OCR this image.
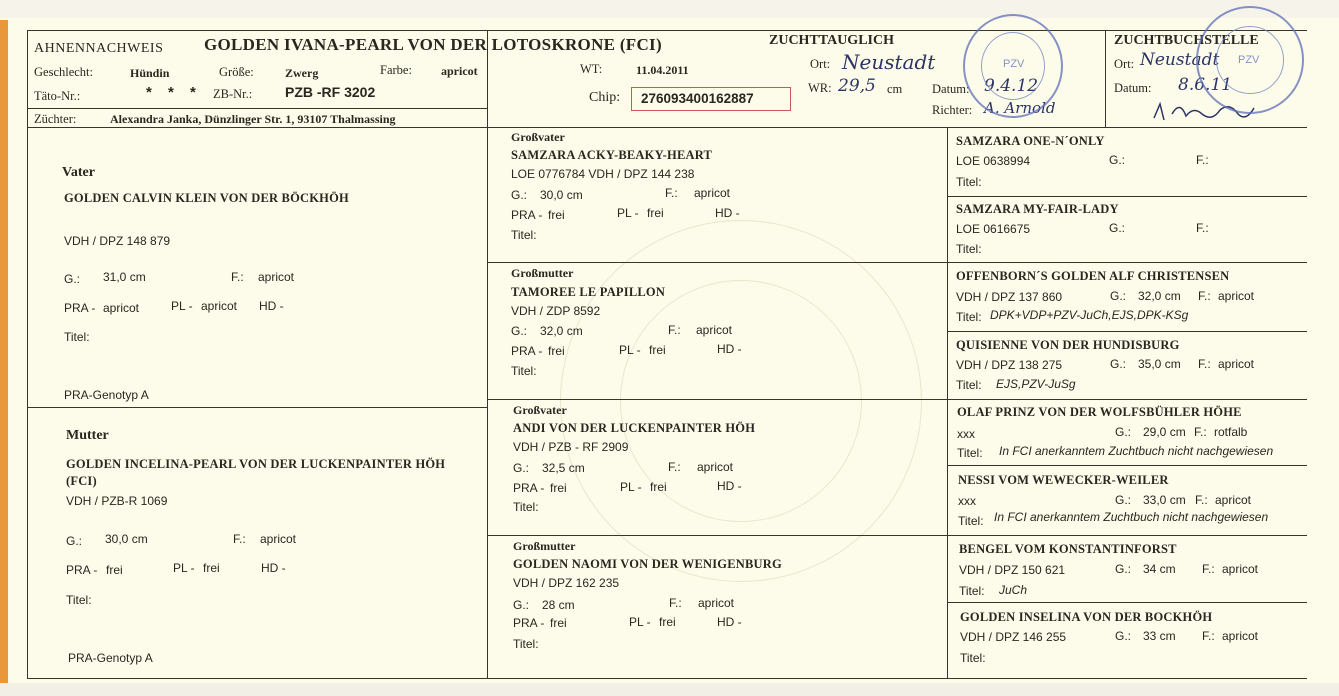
AHNENNACHWEIS GOLDEN IVANA-PEARL VON DER LOTOSKRONE (FCI)
Geschlecht:	Hündin	Größe:	Zwerg	Farbe: apricot
Täto-Nr.:	* * * ZB-Nr.: PZB -RF 3202
Züchter:	Alexandra Janka, Dünzlinger Str. 1, 93107 Thalmassing
WT:	11.04.2011
Chip: 276093400162887
ZUCHTTAUGLICH
Ort: Neustadt
WR: 29,5 cm Datum: 9.4.12
Richter: A. Arnold
ZUCHTBUCHSTELLE
Ort: Neustadt
Datum: 8.6.11
PZV	PZV
Vater
GOLDEN CALVIN KLEIN VON DER BÖCKHÖH
VDH / DPZ 148 879
G.: 31,0 cm	F.: apricot
PRA - apricot	PL - apricot HD -
Titel:
PRA-Genotyp A
Mutter
GOLDEN INCELINA-PEARL VON DER LUCKENPAINTER HÖH
(FCI)
VDH / PZB-R 1069
G.: 30,0 cm	F.: apricot
PRA - frei	PL - frei	HD -
Titel:
PRA-Genotyp A
Großvater
SAMZARA ACKY-BEAKY-HEART
LOE 0776784 VDH / DPZ 144 238
G.: 30,0 cm	F.: apricot
PRA - frei	PL - frei	HD -
Titel:
Großmutter
TAMOREE LE PAPILLON
VDH / ZDP 8592
G.: 32,0 cm	F.: apricot
PRA - frei	PL - frei	HD -
Titel:
Großvater
ANDI VON DER LUCKENPAINTER HÖH
VDH / PZB - RF 2909
G.: 32,5 cm	F.: apricot
PRA - frei	PL - frei	HD -
Titel:
Großmutter
GOLDEN NAOMI VON DER WENIGENBURG
VDH / DPZ 162 235
G.: 28 cm	F.: apricot
PRA - frei	PL - frei	HD -
Titel:
SAMZARA ONE-N´ONLY
LOE 0638994	G.:	F.:
Titel:
SAMZARA MY-FAIR-LADY
LOE 0616675	G.:	F.:
Titel:
OFFENBORN´S GOLDEN ALF CHRISTENSEN
VDH / DPZ 137 860	G.: 32,0 cm F.: apricot
Titel: DPK+VDP+PZV-JuCh,EJS,DPK-KSg
QUISIENNE VON DER HUNDISBURG
VDH / DPZ 138 275	G.: 35,0 cm F.: apricot
Titel: EJS,PZV-JuSg
OLAF PRINZ VON DER WOLFSBÜHLER HÖHE
xxx	G.: 29,0 cm F.: rotfalb
Titel: In FCI anerkanntem Zuchtbuch nicht nachgewiesen
NESSI VOM WEWECKER-WEILER
xxx	G.: 33,0 cm F.: apricot
Titel: In FCI anerkanntem Zuchtbuch nicht nachgewiesen
BENGEL VOM KONSTANTINFORST
VDH / DPZ 150 621	G.: 34 cm F.: apricot
Titel: JuCh
GOLDEN INSELINA VON DER BOCKHÖH
VDH / DPZ 146 255	G.: 33 cm F.: apricot
Titel:
